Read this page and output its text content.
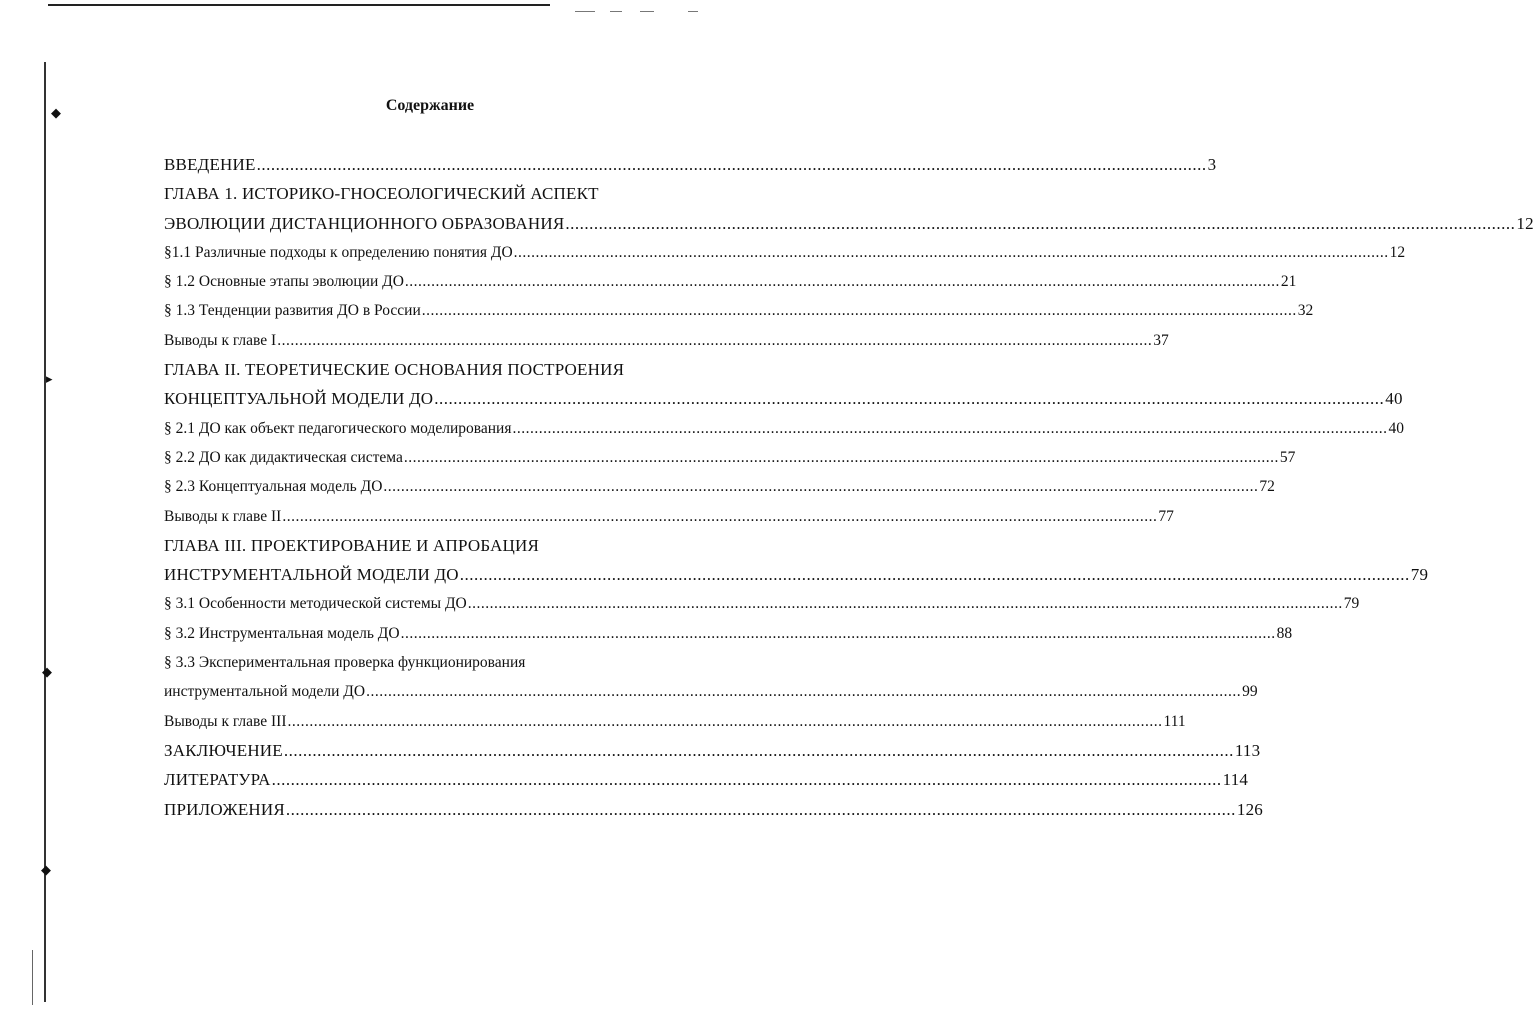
◆
▸
◆
◆
Содержание
ВВЕДЕНИЕ ........................................................................................................................................................................................................ 3
ГЛАВА 1. ИСТОРИКО-ГНОСЕОЛОГИЧЕСКИЙ АСПЕКТ
ЭВОЛЮЦИИ ДИСТАНЦИОННОГО ОБРАЗОВАНИЯ ........................................................................................................................................................................................................ 12
§1.1 Различные подходы к определению понятия ДО ........................................................................................................................................................................................................ 12
§ 1.2 Основные этапы эволюции ДО ........................................................................................................................................................................................................ 21
§ 1.3 Тенденции развития ДО в России ........................................................................................................................................................................................................ 32
Выводы к главе I ........................................................................................................................................................................................................ 37
ГЛАВА II. ТЕОРЕТИЧЕСКИЕ ОСНОВАНИЯ ПОСТРОЕНИЯ
КОНЦЕПТУАЛЬНОЙ МОДЕЛИ ДО ........................................................................................................................................................................................................ 40
§ 2.1 ДО как объект педагогического моделирования ........................................................................................................................................................................................................ 40
§ 2.2 ДО как дидактическая система ........................................................................................................................................................................................................ 57
§ 2.3 Концептуальная модель ДО ........................................................................................................................................................................................................ 72
Выводы к главе II ........................................................................................................................................................................................................ 77
ГЛАВА III. ПРОЕКТИРОВАНИЕ И АПРОБАЦИЯ
ИНСТРУМЕНТАЛЬНОЙ МОДЕЛИ ДО ........................................................................................................................................................................................................ 79
§ 3.1 Особенности методической системы ДО ........................................................................................................................................................................................................ 79
§ 3.2 Инструментальная модель ДО ........................................................................................................................................................................................................ 88
§ 3.3 Экспериментальная проверка функционирования
инструментальной модели ДО ........................................................................................................................................................................................................ 99
Выводы к главе III ........................................................................................................................................................................................................ 111
ЗАКЛЮЧЕНИЕ ........................................................................................................................................................................................................ 113
ЛИТЕРАТУРА ........................................................................................................................................................................................................ 114
ПРИЛОЖЕНИЯ ........................................................................................................................................................................................................ 126
